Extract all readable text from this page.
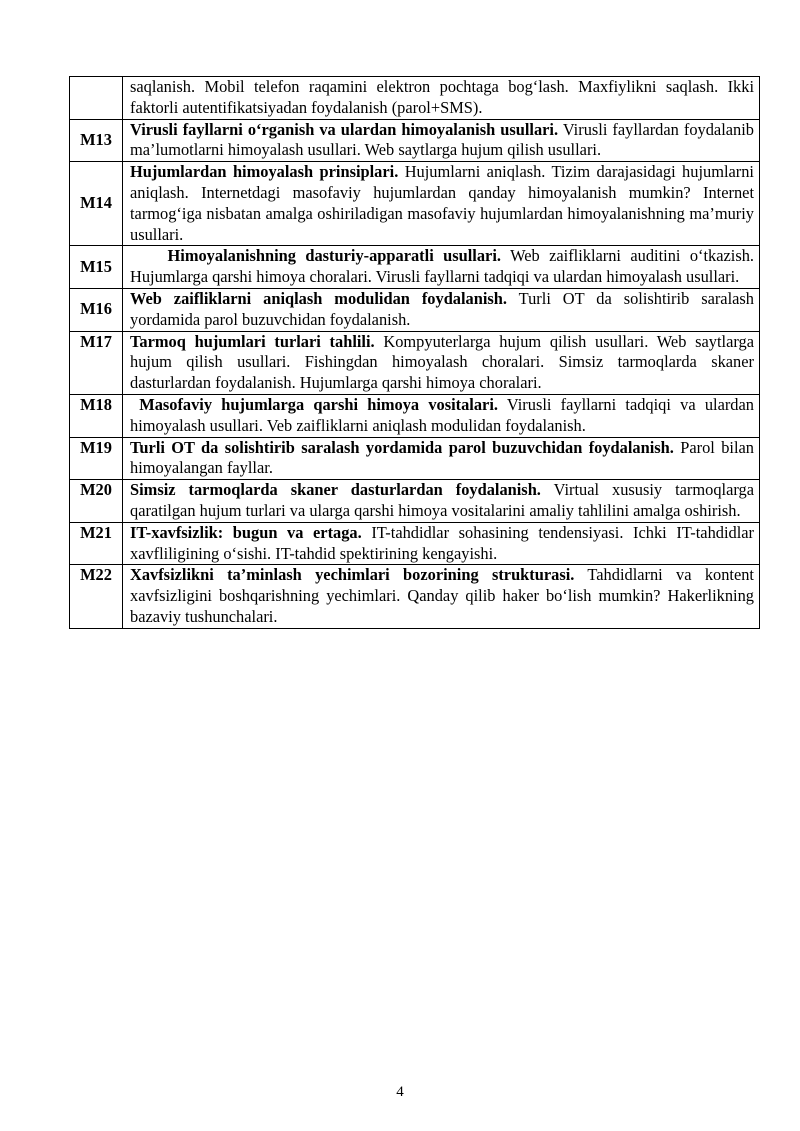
	saqlanish. Mobil telefon raqamini elektron pochtaga bog‘lash. Maxfiylikni saqlash. Ikki faktorli autentifikatsiyadan foydalanish (parol+SMS).
M13	Virusli fayllarni o‘rganish va ulardan himoyalanish usullari. Virusli fayllardan foydalanib ma’lumotlarni himoyalash usullari. Web saytlarga hujum qilish usullari.
M14	Hujumlardan himoyalash prinsiplari. Hujumlarni aniqlash. Tizim darajasidagi hujumlarni aniqlash. Internetdagi masofaviy hujumlardan qanday himoyalanish mumkin? Internet tarmog‘iga nisbatan amalga oshiriladigan masofaviy hujumlardan himoyalanishning ma’muriy usullari.
M15	Himoyalanishning dasturiy-apparatli usullari. Web zaifliklarni auditini o‘tkazish. Hujumlarga qarshi himoya choralari. Virusli fayllarni tadqiqi va ulardan himoyalash usullari.
M16	Web zaifliklarni aniqlash modulidan foydalanish. Turli OT da solishtirib saralash yordamida parol buzuvchidan foydalanish.
M17	Tarmoq hujumlari turlari tahlili. Kompyuterlarga hujum qilish usullari. Web saytlarga hujum qilish usullari. Fishingdan himoyalash choralari. Simsiz tarmoqlarda skaner dasturlardan foydalanish. Hujumlarga qarshi himoya choralari.
M18	Masofaviy hujumlarga qarshi himoya vositalari. Virusli fayllarni tadqiqi va ulardan himoyalash usullari. Veb zaifliklarni aniqlash modulidan foydalanish.
M19	Turli OT da solishtirib saralash yordamida parol buzuvchidan foydalanish. Parol bilan himoyalangan fayllar.
M20	Simsiz tarmoqlarda skaner dasturlardan foydalanish. Virtual xususiy tarmoqlarga qaratilgan hujum turlari va ularga qarshi himoya vositalarini amaliy tahlilini amalga oshirish.
M21	IT-xavfsizlik: bugun va ertaga. IT-tahdidlar sohasining tendensiyasi. Ichki IT-tahdidlar xavfliligining o‘sishi. IT-tahdid spektirining kengayishi.
M22	Xavfsizlikni ta’minlash yechimlari bozorining strukturasi. Tahdidlarni va kontent xavfsizligini boshqarishning yechimlari. Qanday qilib haker bo‘lish mumkin? Hakerlikning bazaviy tushunchalari.
4
